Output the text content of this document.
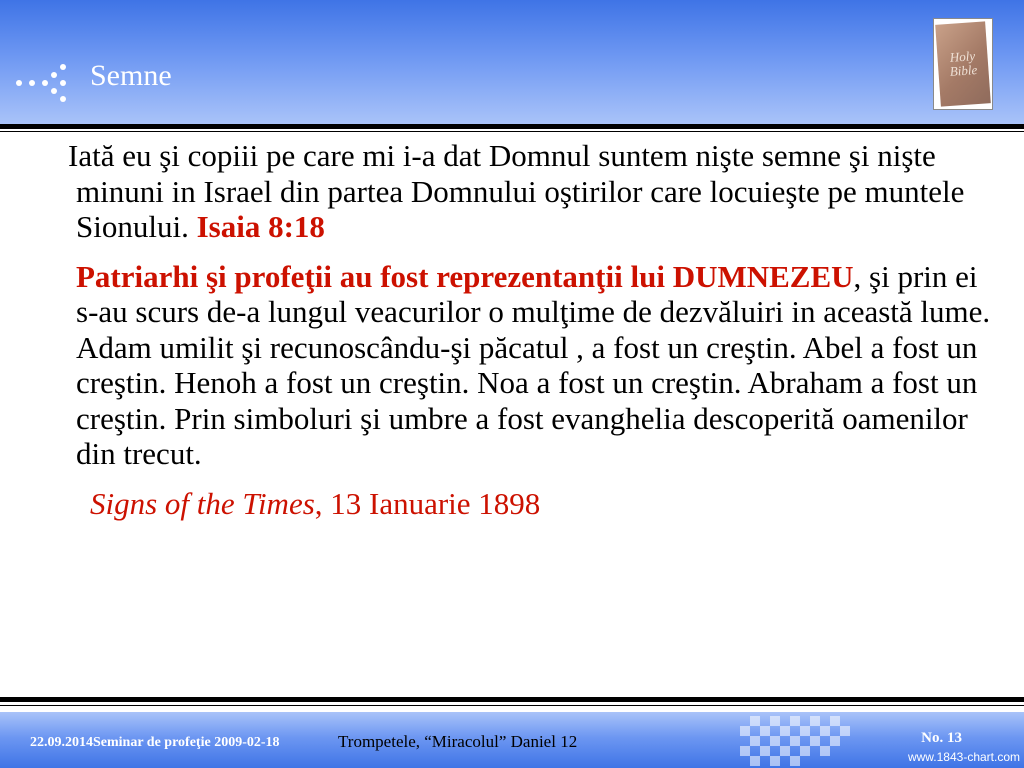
Semne
Holy Bible

Iată eu şi copiii pe care mi i-a dat Domnul suntem nişte semne şi nişte minuni in Israel din partea Domnului oştirilor care locuieşte pe muntele Sionului. Isaia 8:18

Patriarhi şi profeţii au fost reprezentanţii lui DUMNEZEU, şi prin ei s-au scurs de-a lungul veacurilor o mulţime de dezvăluiri in această lume. Adam umilit şi recunoscându-şi păcatul , a fost un creştin. Abel a fost un creştin. Henoh a fost un creştin. Noa a fost un creştin. Abraham a fost un creştin. Prin simboluri şi umbre a fost evanghelia descoperită oamenilor din trecut.

Signs of the Times, 13 Ianuarie 1898

22.09.2014Seminar de profeţie 2009-02-18	Trompetele, “Miracolul” Daniel 12	No. 13
www.1843-chart.com
